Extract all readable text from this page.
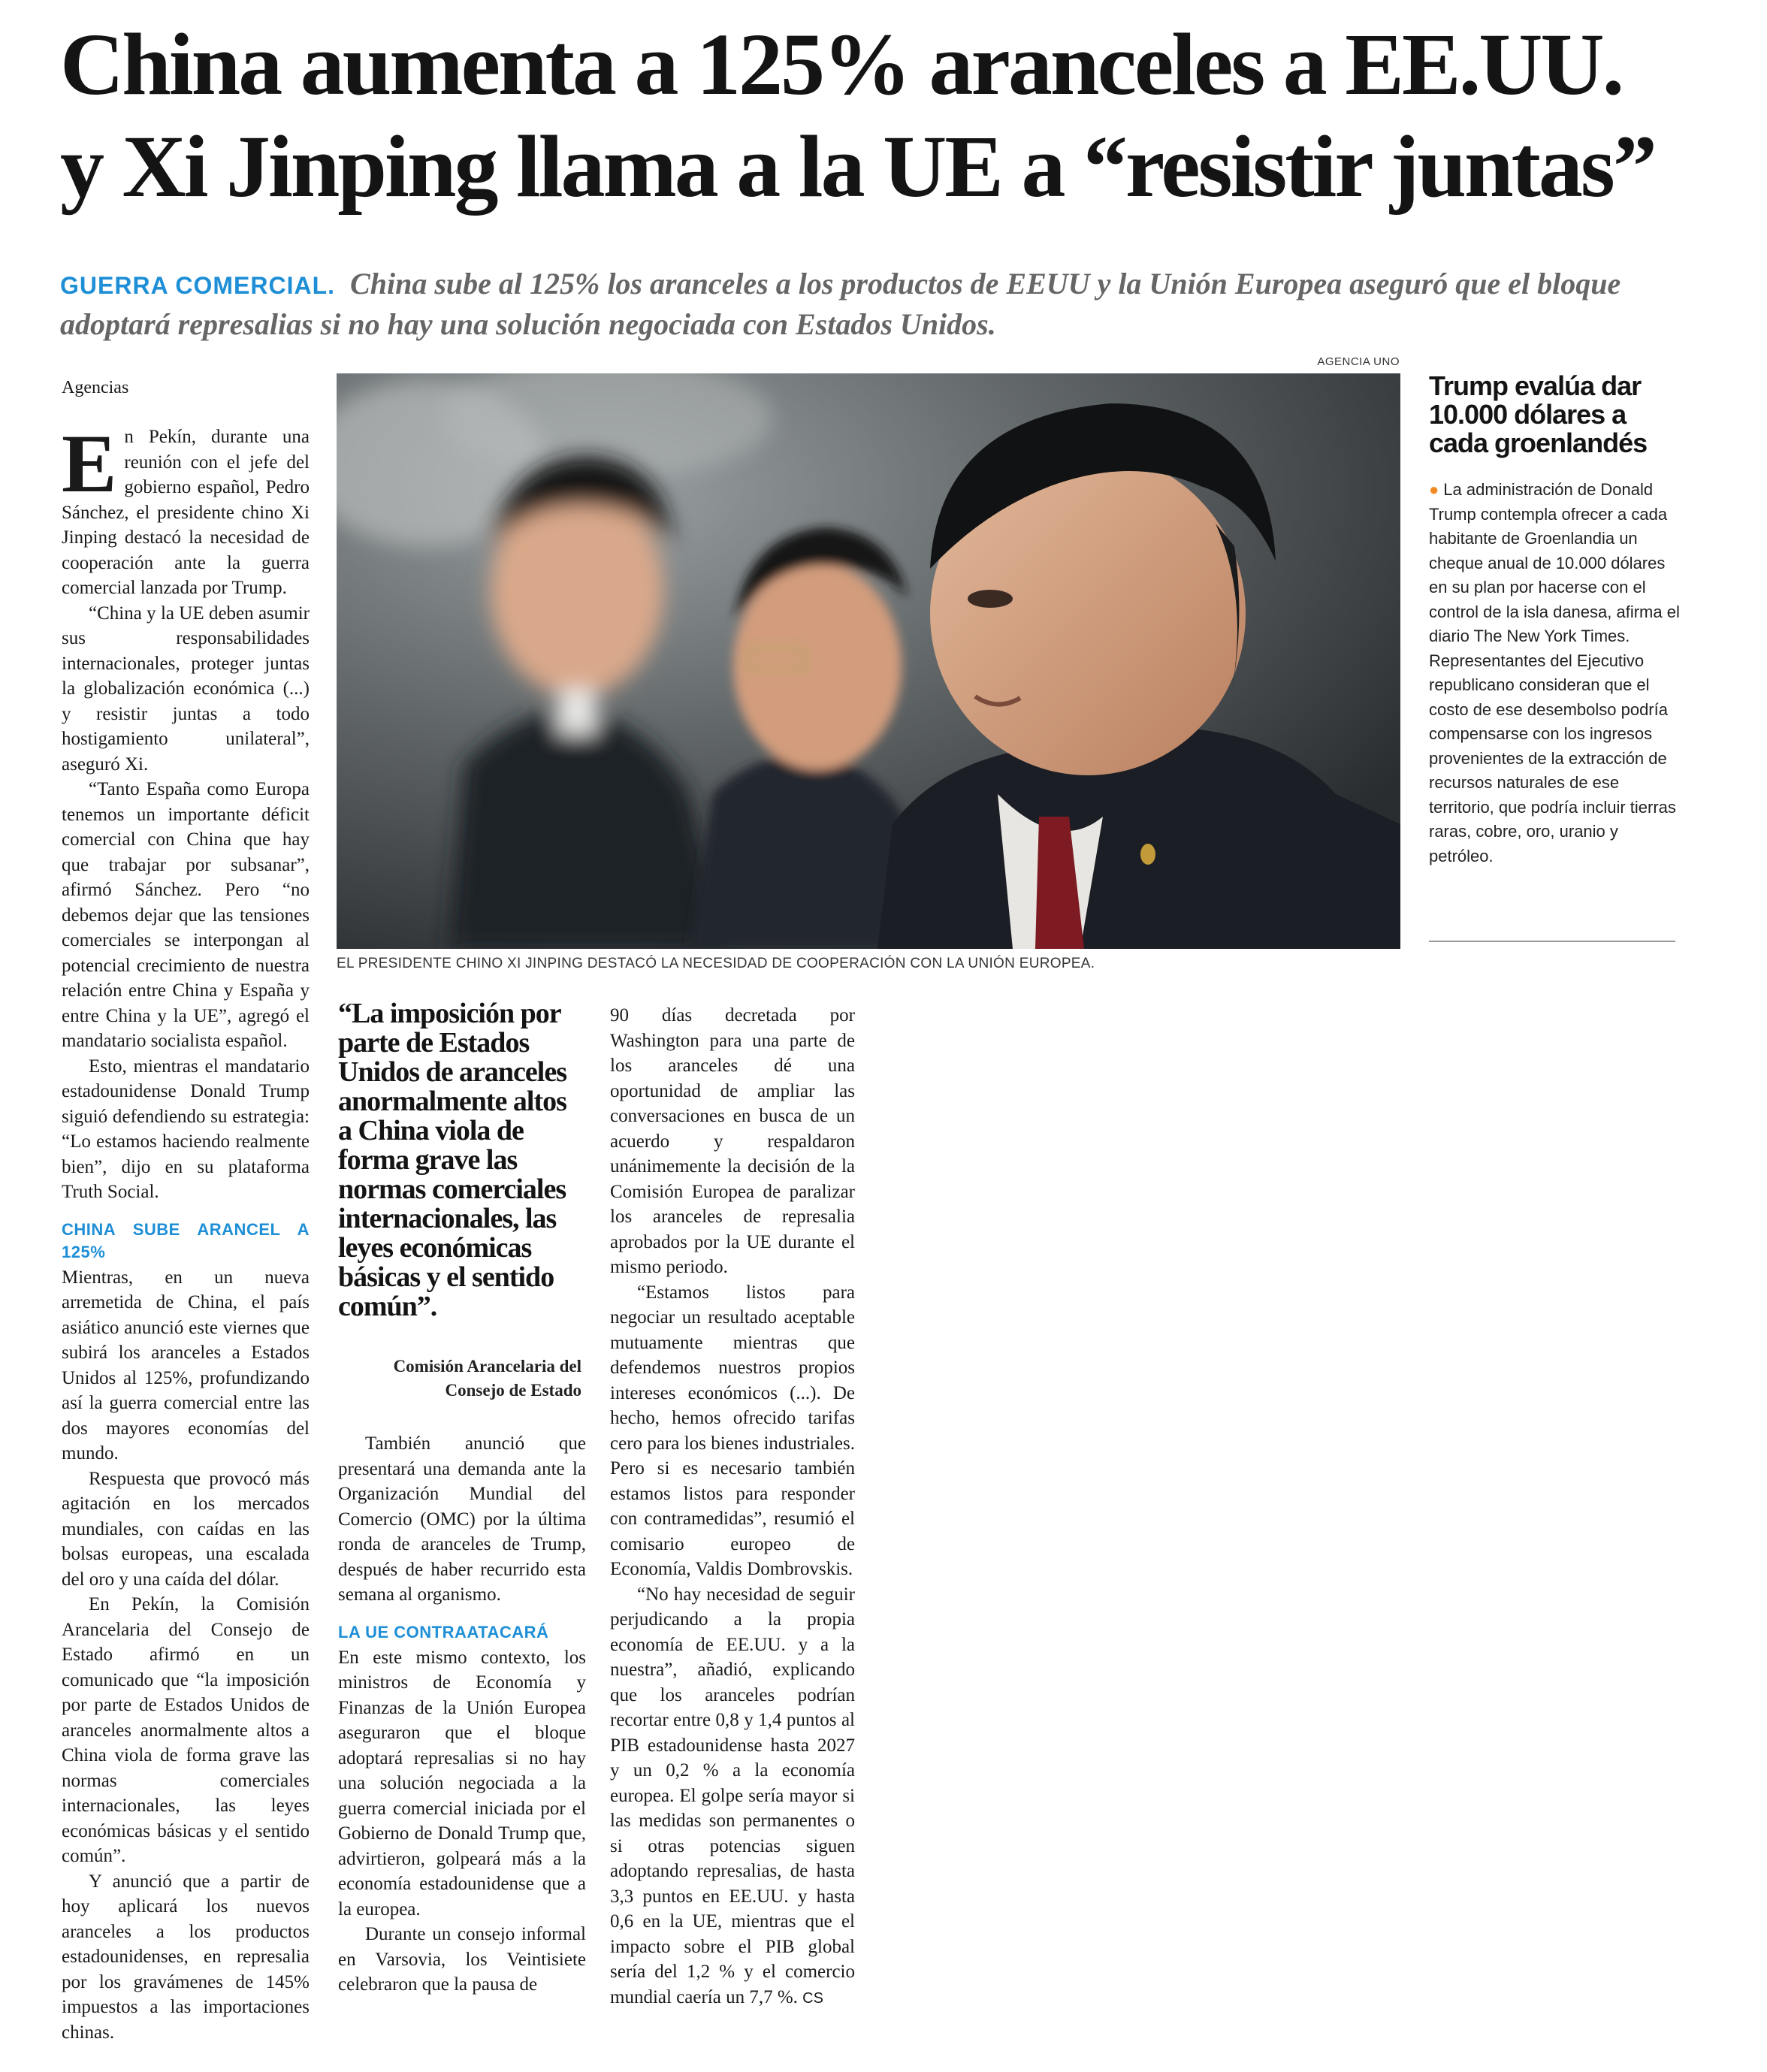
China aumenta a 125% aranceles a EE.UU.
y Xi Jinping llama a la UE a “resistir juntas”

GUERRA COMERCIAL. China sube al 125% los aranceles a los productos de EEUU y la Unión Europea aseguró que el bloque adoptará represalias si no hay una solución negociada con Estados Unidos.

Agencias

En Pekín, durante una reunión con el jefe del gobierno español, Pedro Sánchez, el presidente chino Xi Jinping destacó la necesidad de cooperación ante la guerra comercial lanzada por Trump.

“China y la UE deben asumir sus responsabilidades internacionales, proteger juntas la globalización económica (...) y resistir juntas a todo hostigamiento unilateral”, aseguró Xi.

“Tanto España como Europa tenemos un importante déficit comercial con China que hay que trabajar por subsanar”, afirmó Sánchez. Pero “no debemos dejar que las tensiones comerciales se interpongan al potencial crecimiento de nuestra relación entre China y España y entre China y la UE”, agregó el mandatario socialista español.

Esto, mientras el mandatario estadounidense Donald Trump siguió defendiendo su estrategia: “Lo estamos haciendo realmente bien”, dijo en su plataforma Truth Social.

CHINA SUBE ARANCEL A 125%

Mientras, en un nueva arremetida de China, el país asiático anunció este viernes que subirá los aranceles a Estados Unidos al 125%, profundizando así la guerra comercial entre las dos mayores economías del mundo.

Respuesta que provocó más agitación en los mercados mundiales, con caídas en las bolsas europeas, una escalada del oro y una caída del dólar.

En Pekín, la Comisión Arancelaria del Consejo de Estado afirmó en un comunicado que “la imposición por parte de Estados Unidos de aranceles anormalmente altos a China viola de forma grave las normas comerciales internacionales, las leyes económicas básicas y el sentido común”.

Y anunció que a partir de hoy aplicará los nuevos aranceles a los productos estadounidenses, en represalia por los gravámenes de 145% impuestos a las importaciones chinas.

AGENCIA UNO
EL PRESIDENTE CHINO XI JINPING DESTACÓ LA NECESIDAD DE COOPERACIÓN CON LA UNIÓN EUROPEA.
Trump evalúa dar 10.000 dólares a cada groenlandés
● La administración de Donald Trump contempla ofrecer a cada habitante de Groenlandia un cheque anual de 10.000 dólares en su plan por hacerse con el control de la isla danesa, afirma el diario The New York Times. Representantes del Ejecutivo republicano consideran que el costo de ese desembolso podría compensarse con los ingresos provenientes de la extracción de recursos naturales de ese territorio, que podría incluir tierras raras, cobre, oro, uranio y petróleo.
“La imposición por parte de Estados Unidos de aranceles anormalmente altos a China viola de forma grave las normas comerciales internacionales, las leyes económicas básicas y el sentido común”.
Comisión Arancelaria del
Consejo de Estado

También anunció que presentará una demanda ante la Organización Mundial del Comercio (OMC) por la última ronda de aranceles de Trump, después de haber recurrido esta semana al organismo.

LA UE CONTRAATACARÁ

En este mismo contexto, los ministros de Economía y Finanzas de la Unión Europea aseguraron que el bloque adoptará represalias si no hay una solución negociada a la guerra comercial iniciada por el Gobierno de Donald Trump que, advirtieron, golpeará más a la economía estadounidense que a la europea.

Durante un consejo informal en Varsovia, los Veintisiete celebraron que la pausa de

90 días decretada por Washington para una parte de los aranceles dé una oportunidad de ampliar las conversaciones en busca de un acuerdo y respaldaron unánimemente la decisión de la Comisión Europea de paralizar los aranceles de represalia aprobados por la UE durante el mismo periodo.

“Estamos listos para negociar un resultado aceptable mutuamente mientras que defendemos nuestros propios intereses económicos (...). De hecho, hemos ofrecido tarifas cero para los bienes industriales. Pero si es necesario también estamos listos para responder con contramedidas”, resumió el comisario europeo de Economía, Valdis Dombrovskis.

“No hay necesidad de seguir perjudicando a la propia economía de EE.UU. y a la nuestra”, añadió, explicando que los aranceles podrían recortar entre 0,8 y 1,4 puntos al PIB estadounidense hasta 2027 y un 0,2 % a la economía europea. El golpe sería mayor si las medidas son permanentes o si otras potencias siguen adoptando represalias, de hasta 3,3 puntos en EE.UU. y hasta 0,6 en la UE, mientras que el impacto sobre el PIB global sería del 1,2 % y el comercio mundial caería un 7,7 %. CS
